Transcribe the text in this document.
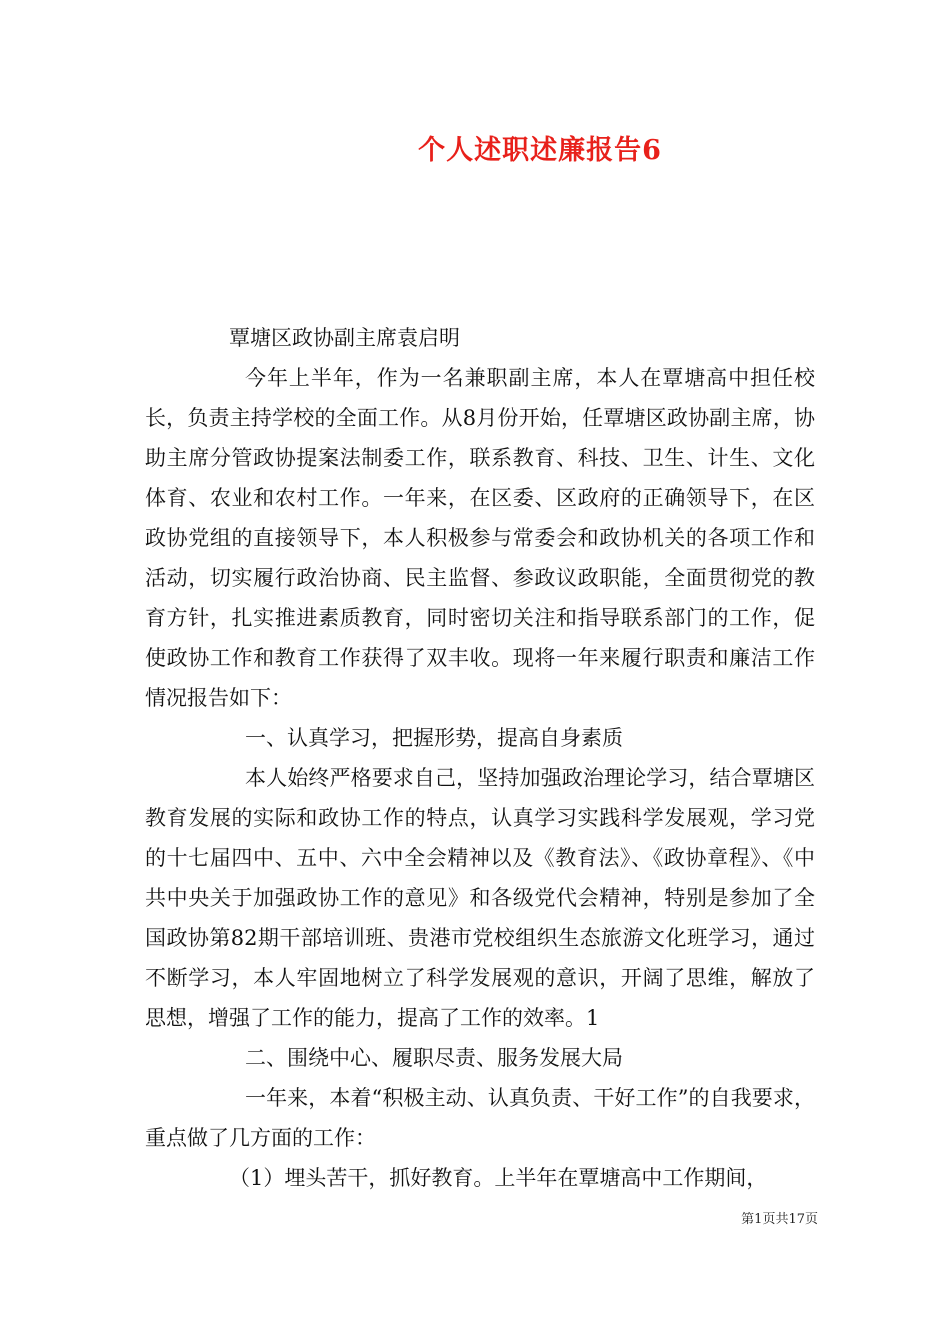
个人述职述廉报告6

覃塘区政协副主席袁启明

今年上半年，作为一名兼职副主席，本人在覃塘高中担任校长，负责主持学校的全面工作。从8月份开始，任覃塘区政协副主席，协助主席分管政协提案法制委工作，联系教育、科技、卫生、计生、文化体育、农业和农村工作。一年来，在区委、区政府的正确领导下，在区政协党组的直接领导下，本人积极参与常委会和政协机关的各项工作和活动，切实履行政治协商、民主监督、参政议政职能，全面贯彻党的教育方针，扎实推进素质教育，同时密切关注和指导联系部门的工作，促使政协工作和教育工作获得了双丰收。现将一年来履行职责和廉洁工作情况报告如下：

一、认真学习，把握形势，提高自身素质

本人始终严格要求自己，坚持加强政治理论学习，结合覃塘区教育发展的实际和政协工作的特点，认真学习实践科学发展观，学习党的十七届四中、五中、六中全会精神以及《教育法》、《政协章程》、《中共中央关于加强政协工作的意见》和各级党代会精神，特别是参加了全国政协第82期干部培训班、贵港市党校组织生态旅游文化班学习，通过不断学习，本人牢固地树立了科学发展观的意识，开阔了思维，解放了思想，增强了工作的能力，提高了工作的效率。1

二、围绕中心、履职尽责、服务发展大局

一年来，本着“积极主动、认真负责、干好工作”的自我要求，重点做了几方面的工作：

（1）埋头苦干，抓好教育。上半年在覃塘高中工作期间，

第1页共17页
